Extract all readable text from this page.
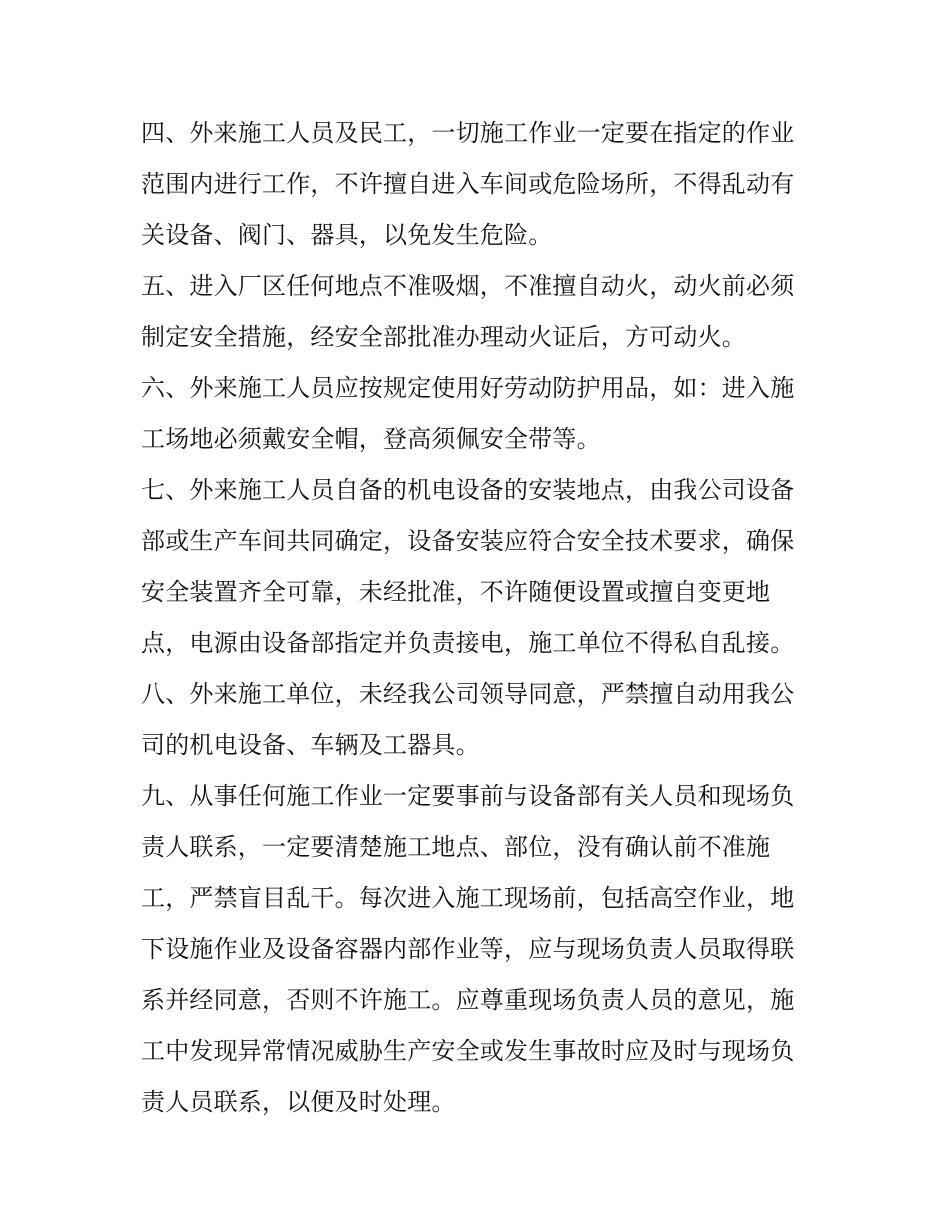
四、外来施工人员及民工，一切施工作业一定要在指定的作业
范围内进行工作，不许擅自进入车间或危险场所，不得乱动有
关设备、阀门、器具，以免发生危险。
五、进入厂区任何地点不准吸烟，不准擅自动火，动火前必须
制定安全措施，经安全部批准办理动火证后，方可动火。
六、外来施工人员应按规定使用好劳动防护用品，如：进入施
工场地必须戴安全帽，登高须佩安全带等。
七、外来施工人员自备的机电设备的安装地点，由我公司设备
部或生产车间共同确定，设备安装应符合安全技术要求，确保
安全装置齐全可靠，未经批准，不许随便设置或擅自变更地
点，电源由设备部指定并负责接电，施工单位不得私自乱接。
八、外来施工单位，未经我公司领导同意，严禁擅自动用我公
司的机电设备、车辆及工器具。
九、从事任何施工作业一定要事前与设备部有关人员和现场负
责人联系，一定要清楚施工地点、部位，没有确认前不准施
工，严禁盲目乱干。每次进入施工现场前，包括高空作业，地
下设施作业及设备容器内部作业等，应与现场负责人员取得联
系并经同意，否则不许施工。应尊重现场负责人员的意见，施
工中发现异常情况威胁生产安全或发生事故时应及时与现场负
责人员联系，以便及时处理。
